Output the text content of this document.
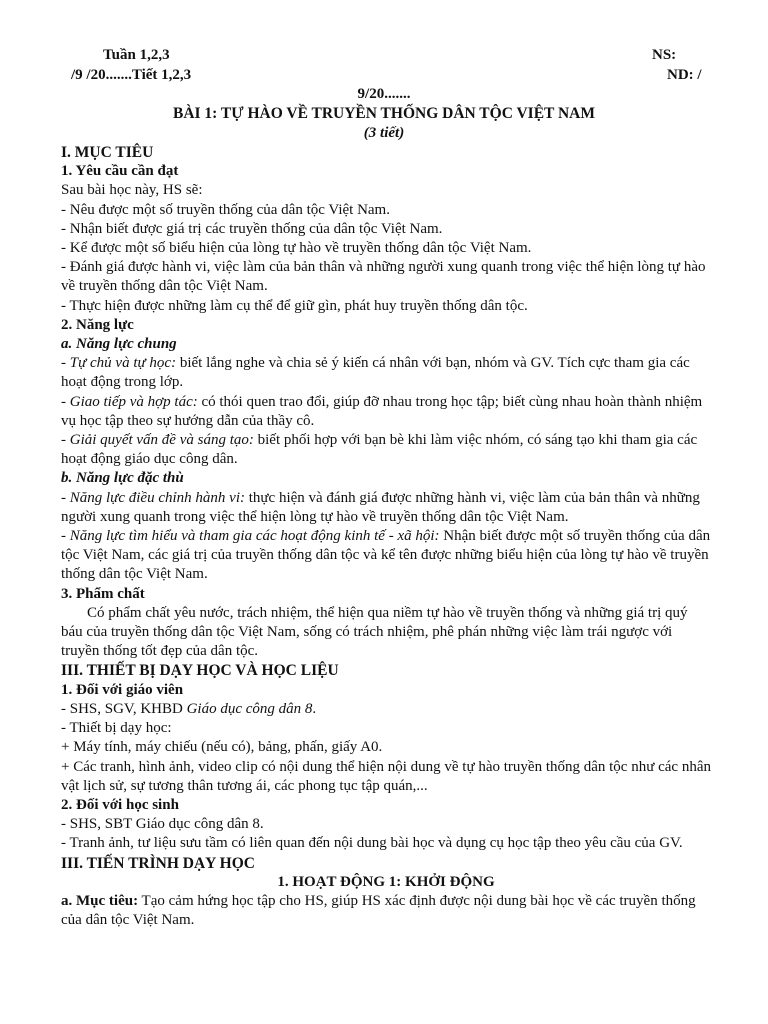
Tuần 1,2,3
/9 /20.......Tiết 1,2,3
NS:
ND: /
9/20.......
BÀI 1: TỰ HÀO VỀ TRUYỀN THỐNG DÂN TỘC VIỆT NAM
(3 tiết)

I. MỤC TIÊU

1. Yêu cầu cần đạt

Sau bài học này, HS sẽ:

- Nêu được một số truyền thống của dân tộc Việt Nam.

- Nhận biết được giá trị các truyền thống của dân tộc Việt Nam.

- Kể được một số biểu hiện của lòng tự hào về truyền thống dân tộc Việt Nam.

- Đánh giá được hành vi, việc làm của bản thân và những người xung quanh trong việc thể hiện lòng tự hào về truyền thống dân tộc Việt Nam.

- Thực hiện được những làm cụ thể để giữ gìn, phát huy truyền thống dân tộc.

2. Năng lực

a. Năng lực chung

- Tự chủ và tự học: biết lắng nghe và chia sẻ ý kiến cá nhân với bạn, nhóm và GV. Tích cực tham gia các hoạt động trong lớp.

- Giao tiếp và hợp tác: có thói quen trao đổi, giúp đỡ nhau trong học tập; biết cùng nhau hoàn thành nhiệm vụ học tập theo sự hướng dẫn của thầy cô.

- Giải quyết vấn đề và sáng tạo: biết phối hợp với bạn bè khi làm việc nhóm, có sáng tạo khi tham gia các hoạt động giáo dục công dân.

b. Năng lực đặc thù

- Năng lực điều chỉnh hành vi: thực hiện và đánh giá được những hành vi, việc làm của bản thân và những người xung quanh trong việc thể hiện lòng tự hào về truyền thống dân tộc Việt Nam.

- Năng lực tìm hiểu và tham gia các hoạt động kinh tế - xã hội: Nhận biết được một số truyền thống của dân tộc Việt Nam, các giá trị của truyền thống dân tộc và kể tên được những biểu hiện của lòng tự hào về truyền thống dân tộc Việt Nam.

3. Phẩm chất

Có phẩm chất yêu nước, trách nhiệm, thể hiện qua niềm tự hào về truyền thống và những giá trị quý báu của truyền thống dân tộc Việt Nam, sống có trách nhiệm, phê phán những việc làm trái ngược với truyền thống tốt đẹp của dân tộc.

III. THIẾT BỊ DẠY HỌC VÀ HỌC LIỆU

1. Đối với giáo viên

- SHS, SGV, KHBD Giáo dục công dân 8.

- Thiết bị dạy học:

+ Máy tính, máy chiếu (nếu có), bảng, phấn, giấy A0.

+ Các tranh, hình ảnh, video clip có nội dung thể hiện nội dung về tự hào truyền thống dân tộc như các nhân vật lịch sử, sự tương thân tương ái, các phong tục tập quán,...

2. Đối với học sinh

- SHS, SBT Giáo dục công dân 8.

- Tranh ảnh, tư liệu sưu tầm có liên quan đến nội dung bài học và dụng cụ học tập theo yêu cầu của GV.

III. TIẾN TRÌNH DẠY HỌC

1. HOẠT ĐỘNG 1: KHỞI ĐỘNG

a. Mục tiêu: Tạo cảm hứng học tập cho HS, giúp HS xác định được nội dung bài học về các truyền thống của dân tộc Việt Nam.
